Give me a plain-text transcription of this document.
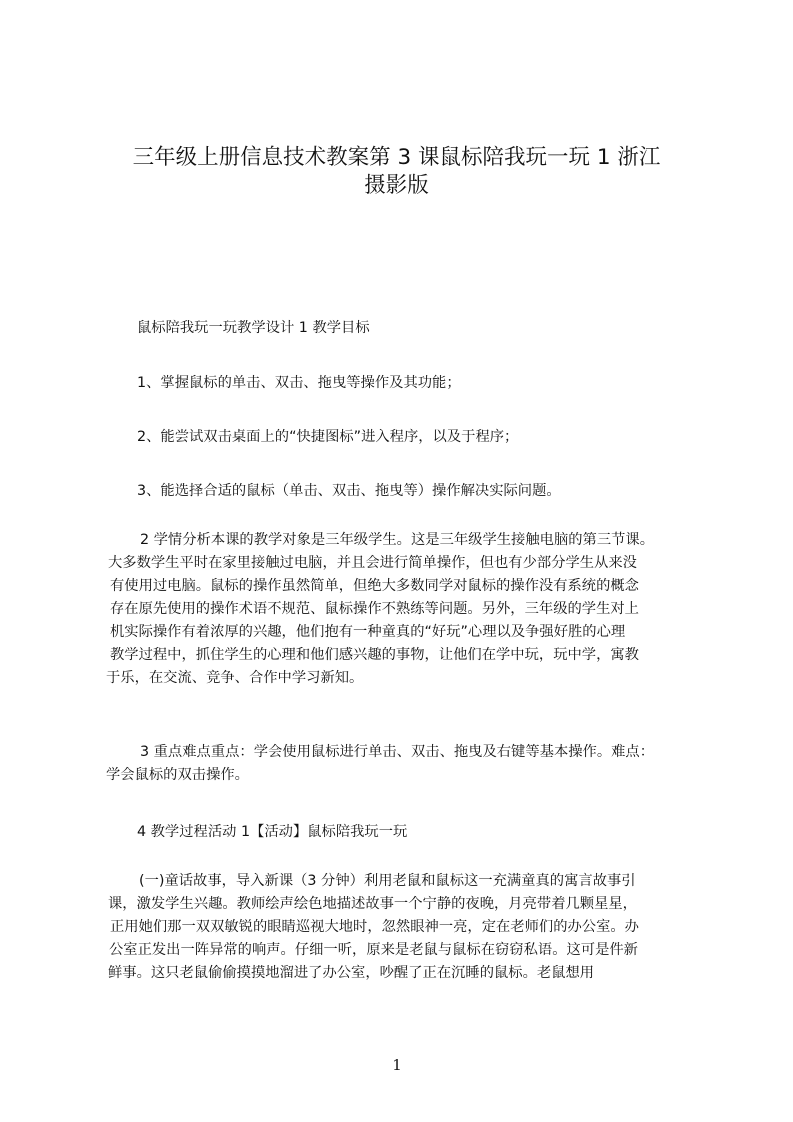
三年级上册信息技术教案第 3 课鼠标陪我玩一玩 1 浙江
摄影版

鼠标陪我玩一玩教学设计 1 教学目标

1、掌握鼠标的单击、双击、拖曳等操作及其功能；

2、能尝试双击桌面上的“快捷图标”进入程序，以及于程序；

3、能选择合适的鼠标（单击、双击、拖曳等）操作解决实际问题。

2 学情分析本课的教学对象是三年级学生。这是三年级学生接触电脑的第三节课。
大多数学生平时在家里接触过电脑，并且会进行简单操作，但也有少部分学生从来没
有使用过电脑。鼠标的操作虽然简单，但绝大多数同学对鼠标的操作没有系统的概念
存在原先使用的操作术语不规范、鼠标操作不熟练等问题。另外，三年级的学生对上
机实际操作有着浓厚的兴趣，他们抱有一种童真的“好玩”心理以及争强好胜的心理
教学过程中，抓住学生的心理和他们感兴趣的事物，让他们在学中玩，玩中学，寓教
于乐，在交流、竞争、合作中学习新知。
3 重点难点重点：学会使用鼠标进行单击、双击、拖曳及右键等基本操作。难点：
学会鼠标的双击操作。

4 教学过程活动 1【活动】鼠标陪我玩一玩

(一)童话故事，导入新课（3 分钟）利用老鼠和鼠标这一充满童真的寓言故事引
课，激发学生兴趣。教师绘声绘色地描述故事一个宁静的夜晚，月亮带着几颗星星，
正用她们那一双双敏锐的眼睛巡视大地时，忽然眼神一亮，定在老师们的办公室。办
公室正发出一阵异常的响声。仔细一听，原来是老鼠与鼠标在窃窃私语。这可是件新
鲜事。这只老鼠偷偷摸摸地溜进了办公室，吵醒了正在沉睡的鼠标。老鼠想用
1
